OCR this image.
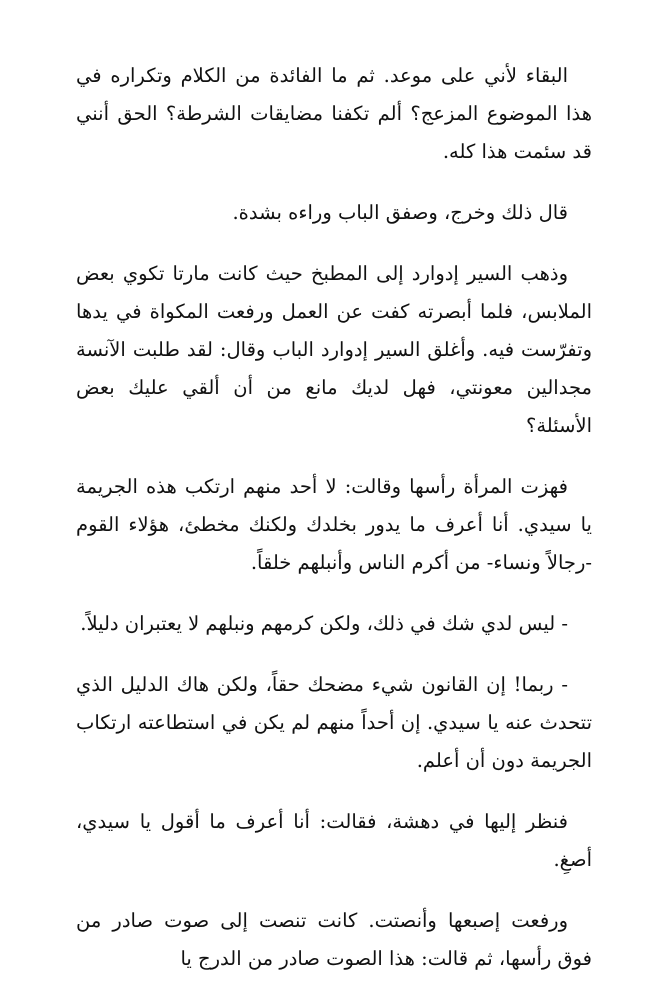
البقاء لأني على موعد. ثم ما الفائدة من الكلام وتكراره في هذا الموضوع المزعج؟ ألم تكفنا مضايقات الشرطة؟ الحق أنني قد سئمت هذا كله.

قال ذلك وخرج، وصفق الباب وراءه بشدة.

وذهب السير إدوارد إلى المطبخ حيث كانت مارتا تكوي بعض الملابس، فلما أبصرته كفت عن العمل ورفعت المكواة في يدها وتفرّست فيه. وأغلق السير إدوارد الباب وقال: لقد طلبت الآنسة مجدالين معونتي، فهل لديك مانع من أن ألقي عليك بعض الأسئلة؟

فهزت المرأة رأسها وقالت: لا أحد منهم ارتكب هذه الجريمة يا سيدي. أنا أعرف ما يدور بخلدك ولكنك مخطئ، هؤلاء القوم -رجالاً ونساء- من أكرم الناس وأنبلهم خلقاً.

- ليس لدي شك في ذلك، ولكن كرمهم ونبلهم لا يعتبران دليلاً.

- ربما! إن القانون شيء مضحك حقاً، ولكن هاك الدليل الذي تتحدث عنه يا سيدي. إن أحداً منهم لم يكن في استطاعته ارتكاب الجريمة دون أن أعلم.

فنظر إليها في دهشة، فقالت: أنا أعرف ما أقول يا سيدي، أصغِ.

ورفعت إصبعها وأنصتت. كانت تنصت إلى صوت صادر من فوق رأسها، ثم قالت: هذا الصوت صادر من الدرج يا
